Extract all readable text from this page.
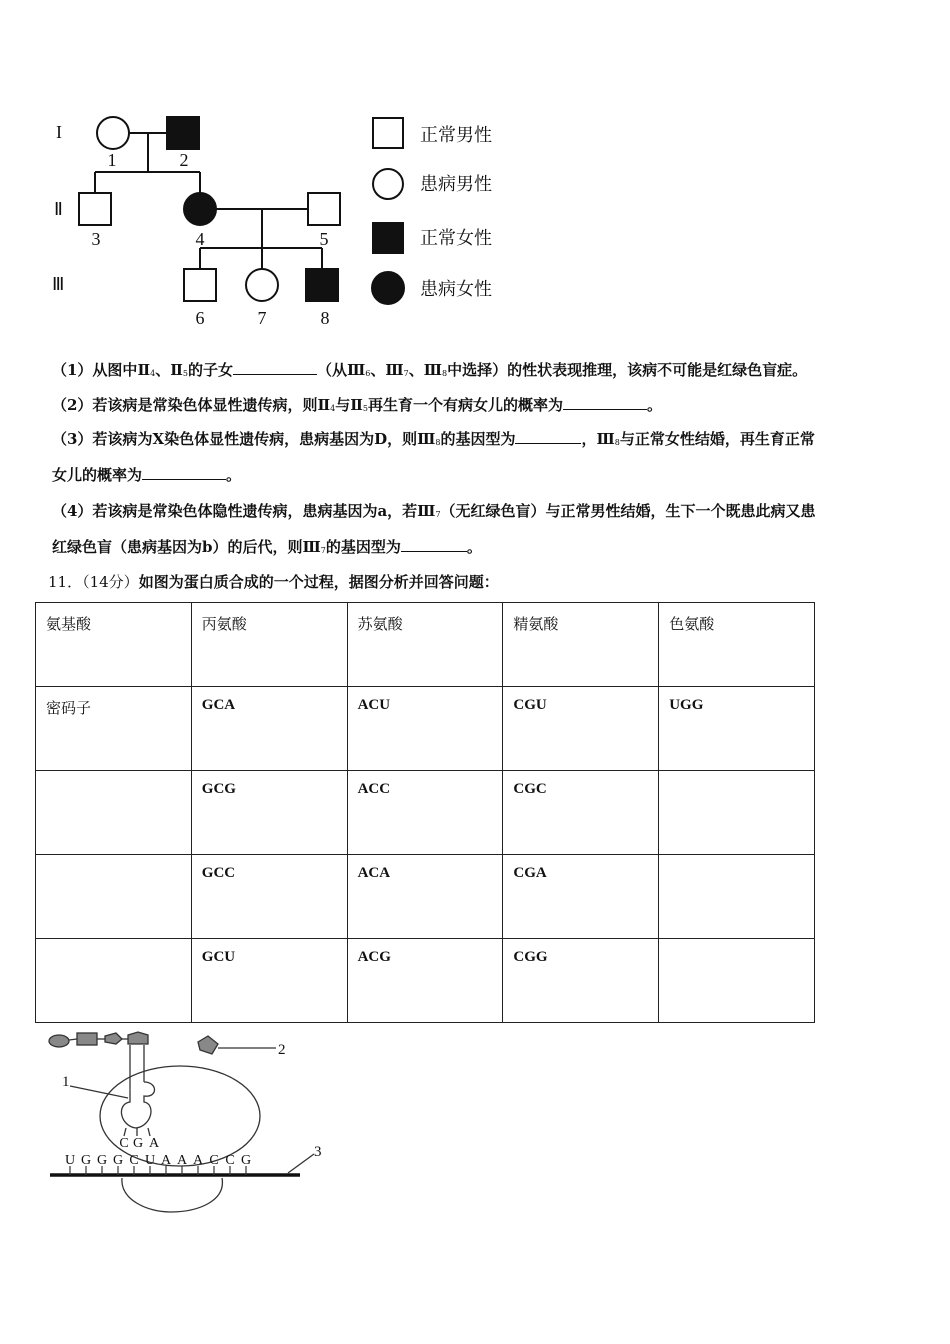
I
Ⅱ
Ⅲ
1	2
3	4	5
6	7	8
正常男性
患病男性
正常女性
患病女性
（1）从图中$Ⅱ_4$、$Ⅱ_5$的子女	（从$Ⅲ_6$、$Ⅲ_7$、$Ⅲ_8$中选择）的性状表现推理，该病不可能是红绿色盲症。
（2）若该病是常染色体显性遗传病，则$Ⅱ_4$与$Ⅱ_5$再生育一个有病女儿的概率为	。
（3）若该病为X染色体显性遗传病，患病基因为D，则$Ⅲ_8$的基因型为	，$Ⅲ_8$与正常女性结婚，再生育正常
女儿的概率为	。
（4）若该病是常染色体隐性遗传病，患病基因为a，若$Ⅲ_7$（无红绿色盲）与正常男性结婚，生下一个既患此病又患
红绿色盲（患病基因为b）的后代，则$Ⅲ_7$的基因型为	。
11．（14分）如图为蛋白质合成的一个过程，据图分析并回答问题：
氨基酸	丙氨酸	苏氨酸	精氨酸	色氨酸
密码子	GCA	ACU	CGU	UGG
	GCG	ACC	CGC	
	GCC	ACA	CGA	
	GCU	ACG	CGG	
1
2
3
C G A
U G G G C U A A A C C G
